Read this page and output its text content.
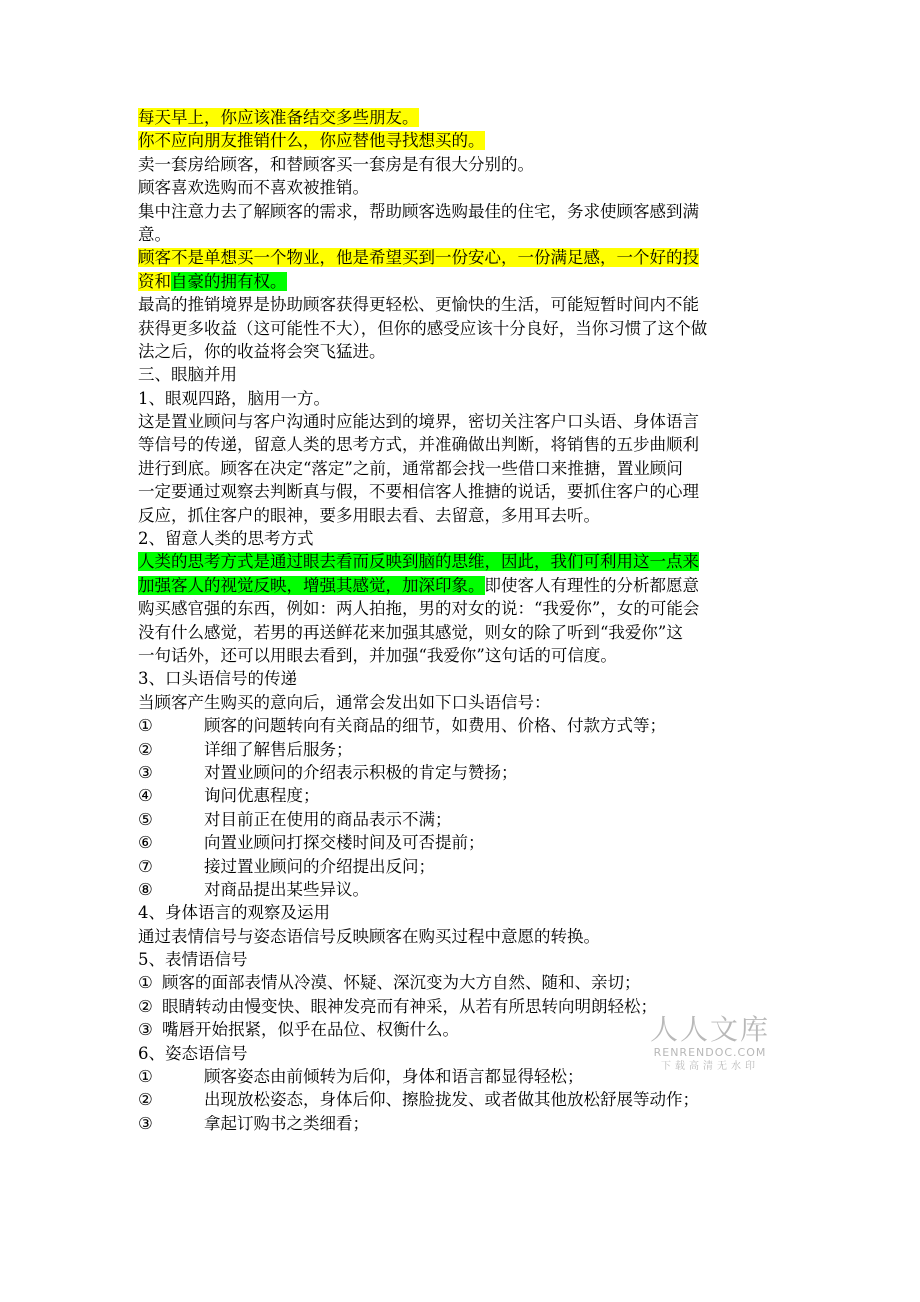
每天早上，你应该准备结交多些朋友。
你不应向朋友推销什么，你应替他寻找想买的。
卖一套房给顾客，和替顾客买一套房是有很大分别的。
顾客喜欢选购而不喜欢被推销。
集中注意力去了解顾客的需求，帮助顾客选购最佳的住宅，务求使顾客感到满
意。
顾客不是单想买一个物业，他是希望买到一份安心，一份满足感，一个好的投
资和自豪的拥有权。
最高的推销境界是协助顾客获得更轻松、更愉快的生活，可能短暂时间内不能
获得更多收益（这可能性不大），但你的感受应该十分良好，当你习惯了这个做
法之后，你的收益将会突飞猛进。
三、眼脑并用
1、眼观四路，脑用一方。
这是置业顾问与客户沟通时应能达到的境界，密切关注客户口头语、身体语言
等信号的传递，留意人类的思考方式，并准确做出判断，将销售的五步曲顺利
进行到底。顾客在决定“落定”之前，通常都会找一些借口来推搪，置业顾问
一定要通过观察去判断真与假，不要相信客人推搪的说话，要抓住客户的心理
反应，抓住客户的眼神，要多用眼去看、去留意，多用耳去听。
2、留意人类的思考方式
人类的思考方式是通过眼去看而反映到脑的思维，因此，我们可利用这一点来
加强客人的视觉反映，增强其感觉，加深印象。即使客人有理性的分析都愿意
购买感官强的东西，例如：两人拍拖，男的对女的说：“我爱你”，女的可能会
没有什么感觉，若男的再送鲜花来加强其感觉，则女的除了听到“我爱你”这
一句话外，还可以用眼去看到，并加强“我爱你”这句话的可信度。
3、口头语信号的传递
当顾客产生购买的意向后，通常会发出如下口头语信号：
①	顾客的问题转向有关商品的细节，如费用、价格、付款方式等；
②	详细了解售后服务；
③	对置业顾问的介绍表示积极的肯定与赞扬；
④	询问优惠程度；
⑤	对目前正在使用的商品表示不满；
⑥	向置业顾问打探交楼时间及可否提前；
⑦	接过置业顾问的介绍提出反问；
⑧	对商品提出某些异议。
4、身体语言的观察及运用
通过表情信号与姿态语信号反映顾客在购买过程中意愿的转换。
5、表情语信号
① 顾客的面部表情从冷漠、怀疑、深沉变为大方自然、随和、亲切；
② 眼睛转动由慢变快、眼神发亮而有神采，从若有所思转向明朗轻松；
③ 嘴唇开始抿紧，似乎在品位、权衡什么。
6、姿态语信号
①	顾客姿态由前倾转为后仰，身体和语言都显得轻松；
②	出现放松姿态，身体后仰、擦脸拢发、或者做其他放松舒展等动作；
③	拿起订购书之类细看；
人人文库
RENRENDOC.COM
下载高清无水印
